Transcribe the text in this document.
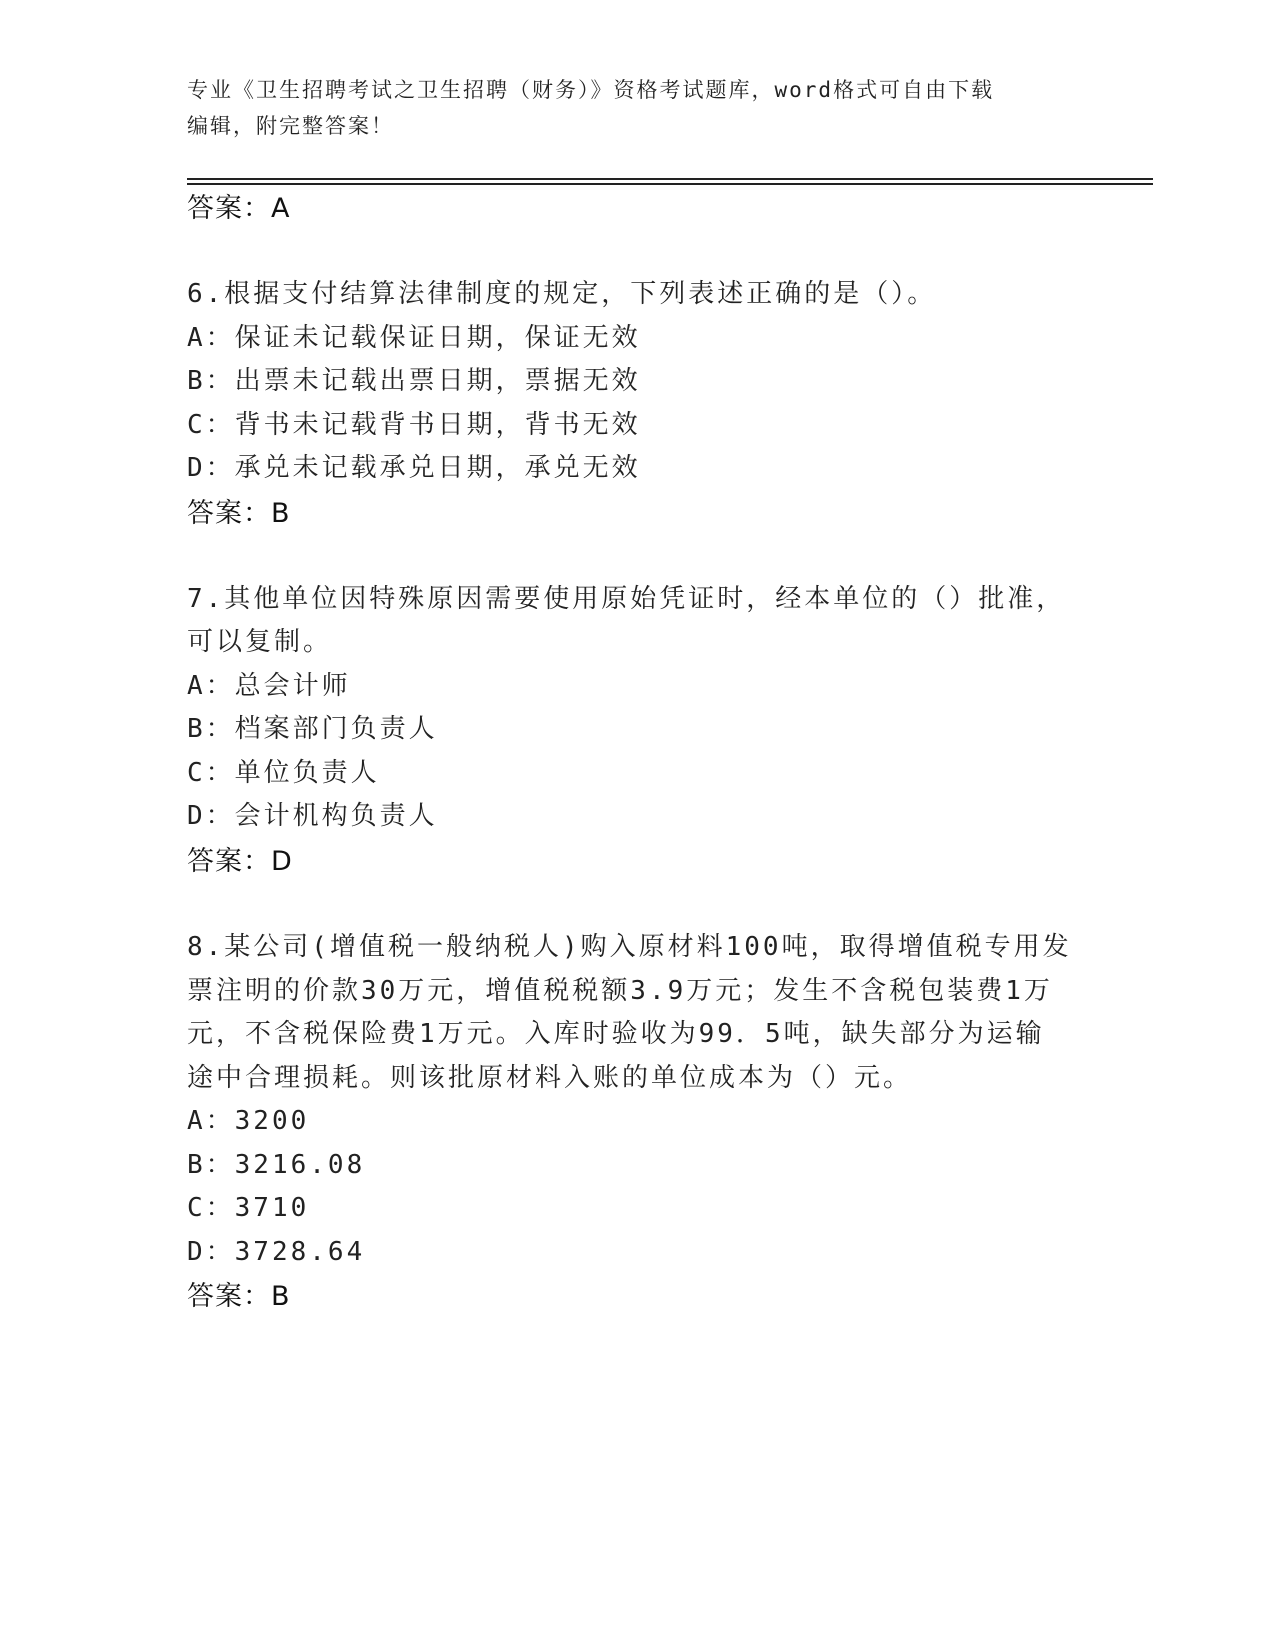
专业《卫生招聘考试之卫生招聘（财务）》资格考试题库，word格式可自由下载
编辑，附完整答案！
答案：A
6.根据支付结算法律制度的规定，下列表述正确的是（）。
A：保证未记载保证日期，保证无效
B：出票未记载出票日期，票据无效
C：背书未记载背书日期，背书无效
D：承兑未记载承兑日期，承兑无效
答案：B
7.其他单位因特殊原因需要使用原始凭证时，经本单位的（）批准，
可以复制。
A：总会计师
B：档案部门负责人
C：单位负责人
D：会计机构负责人
答案：D
8.某公司(增值税一般纳税人)购入原材料100吨，取得增值税专用发
票注明的价款30万元，增值税税额3.9万元；发生不含税包装费1万
元，不含税保险费1万元。入库时验收为99．5吨，缺失部分为运输
途中合理损耗。则该批原材料入账的单位成本为（）元。
A：3200
B：3216.08
C：3710
D：3728.64
答案：B
